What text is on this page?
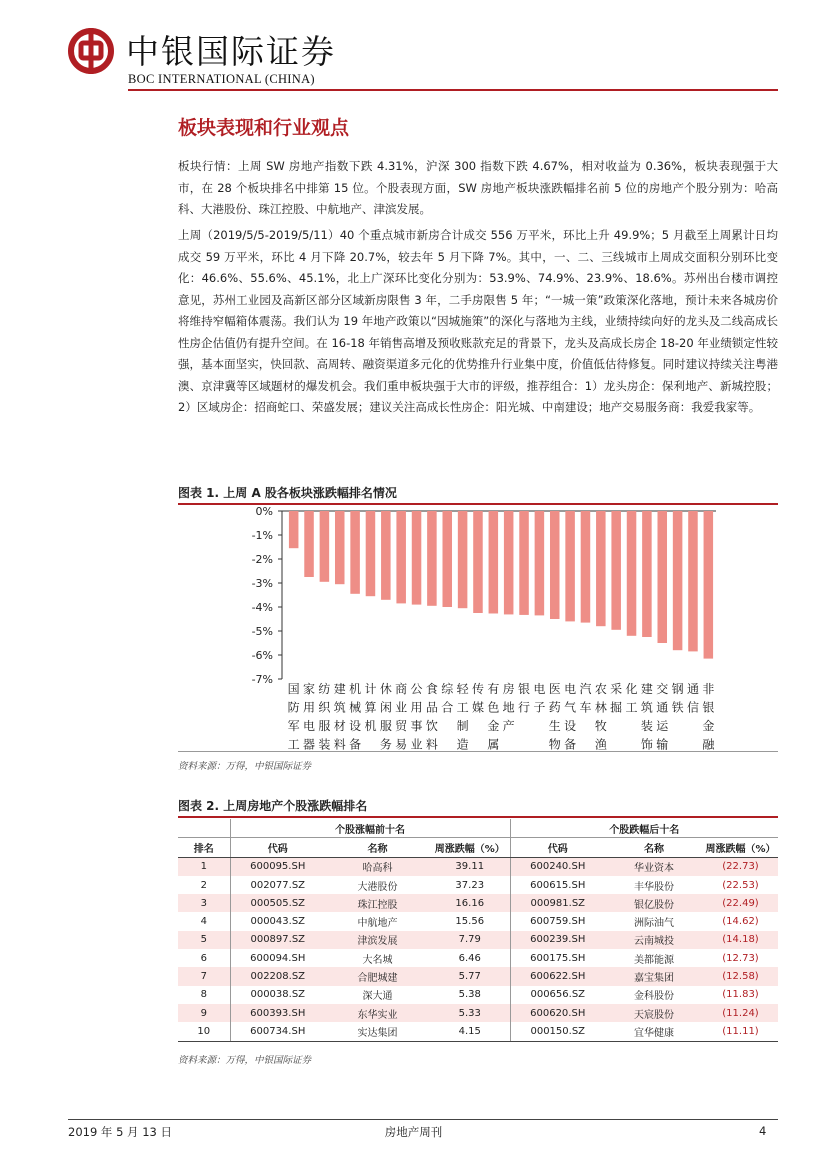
中银国际证券
BOC INTERNATIONAL (CHINA)
板块表现和行业观点

板块行情：上周 SW 房地产指数下跌 4.31%，沪深 300 指数下跌 4.67%，相对收益为 0.36%，板块表现强于大市，在 28 个板块排名中排第 15 位。个股表现方面，SW 房地产板块涨跌幅排名前 5 位的房地产个股分别为：哈高科、大港股份、珠江控股、中航地产、津滨发展。

上周（2019/5/5-2019/5/11）40 个重点城市新房合计成交 556 万平米，环比上升 49.9%；5 月截至上周累计日均成交 59 万平米，环比 4 月下降 20.7%，较去年 5 月下降 7%。其中，一、二、三线城市上周成交面积分别环比变化：46.6%、55.6%、45.1%，北上广深环比变化分别为：53.9%、74.9%、23.9%、18.6%。苏州出台楼市调控意见，苏州工业园及高新区部分区域新房限售 3 年，二手房限售 5 年；“一城一策”政策深化落地，预计未来各城房价将维持窄幅箱体震荡。我们认为 19 年地产政策以“因城施策”的深化与落地为主线，业绩持续向好的龙头及二线高成长性房企估值仍有提升空间。在 16-18 年销售高增及预收账款充足的背景下，龙头及高成长房企 18-20 年业绩锁定性较强，基本面坚实，快回款、高周转、融资渠道多元化的优势推升行业集中度，价值低估待修复。同时建议持续关注粤港澳、京津冀等区域题材的爆发机会。我们重申板块强于大市的评级，推荐组合：1）龙头房企：保利地产、新城控股；2）区域房企：招商蛇口、荣盛发展；建议关注高成长性房企：阳光城、中南建设；地产交易服务商：我爱我家等。

图表 1. 上周 A 股各板块涨跌幅排名情况
0%
-1%
-2%
-3%
-4%
-5%
-6%
-7%
国
防
军
工
家
用
电
器
纺
织
服
装
建
筑
材
料
机
械
设
备
计
算
机
休
闲
服
务
商
业
贸
易
公
用
事
业
食
品
饮
料
综
合
轻
工
制
造
传
媒
有
色
金
属
房
地
产
银
行
电
子
医
药
生
物
电
气
设
备
汽
车
农
林
牧
渔
采
掘
化
工
建
筑
装
饰
交
通
运
输
钢
铁
通
信
非
银
金
融
资料来源：万得，中银国际证券
图表 2. 上周房地产个股涨跌幅排名
	个股涨幅前十名			个股跌幅后十名		
排名	代码	名称	周涨跌幅（%）	代码	名称	周涨跌幅（%）
1	600095.SH	哈高科	39.11	600240.SH	华业资本	(22.73)
2	002077.SZ	大港股份	37.23	600615.SH	丰华股份	(22.53)
3	000505.SZ	珠江控股	16.16	000981.SZ	银亿股份	(22.49)
4	000043.SZ	中航地产	15.56	600759.SH	洲际油气	(14.62)
5	000897.SZ	津滨发展	7.79	600239.SH	云南城投	(14.18)
6	600094.SH	大名城	6.46	600175.SH	美都能源	(12.73)
7	002208.SZ	合肥城建	5.77	600622.SH	嘉宝集团	(12.58)
8	000038.SZ	深大通	5.38	000656.SZ	金科股份	(11.83)
9	600393.SH	东华实业	5.33	600620.SH	天宸股份	(11.24)
10	600734.SH	实达集团	4.15	000150.SZ	宜华健康	(11.11)
资料来源：万得，中银国际证券
2019 年 5 月 13 日	房地产周刊	4
